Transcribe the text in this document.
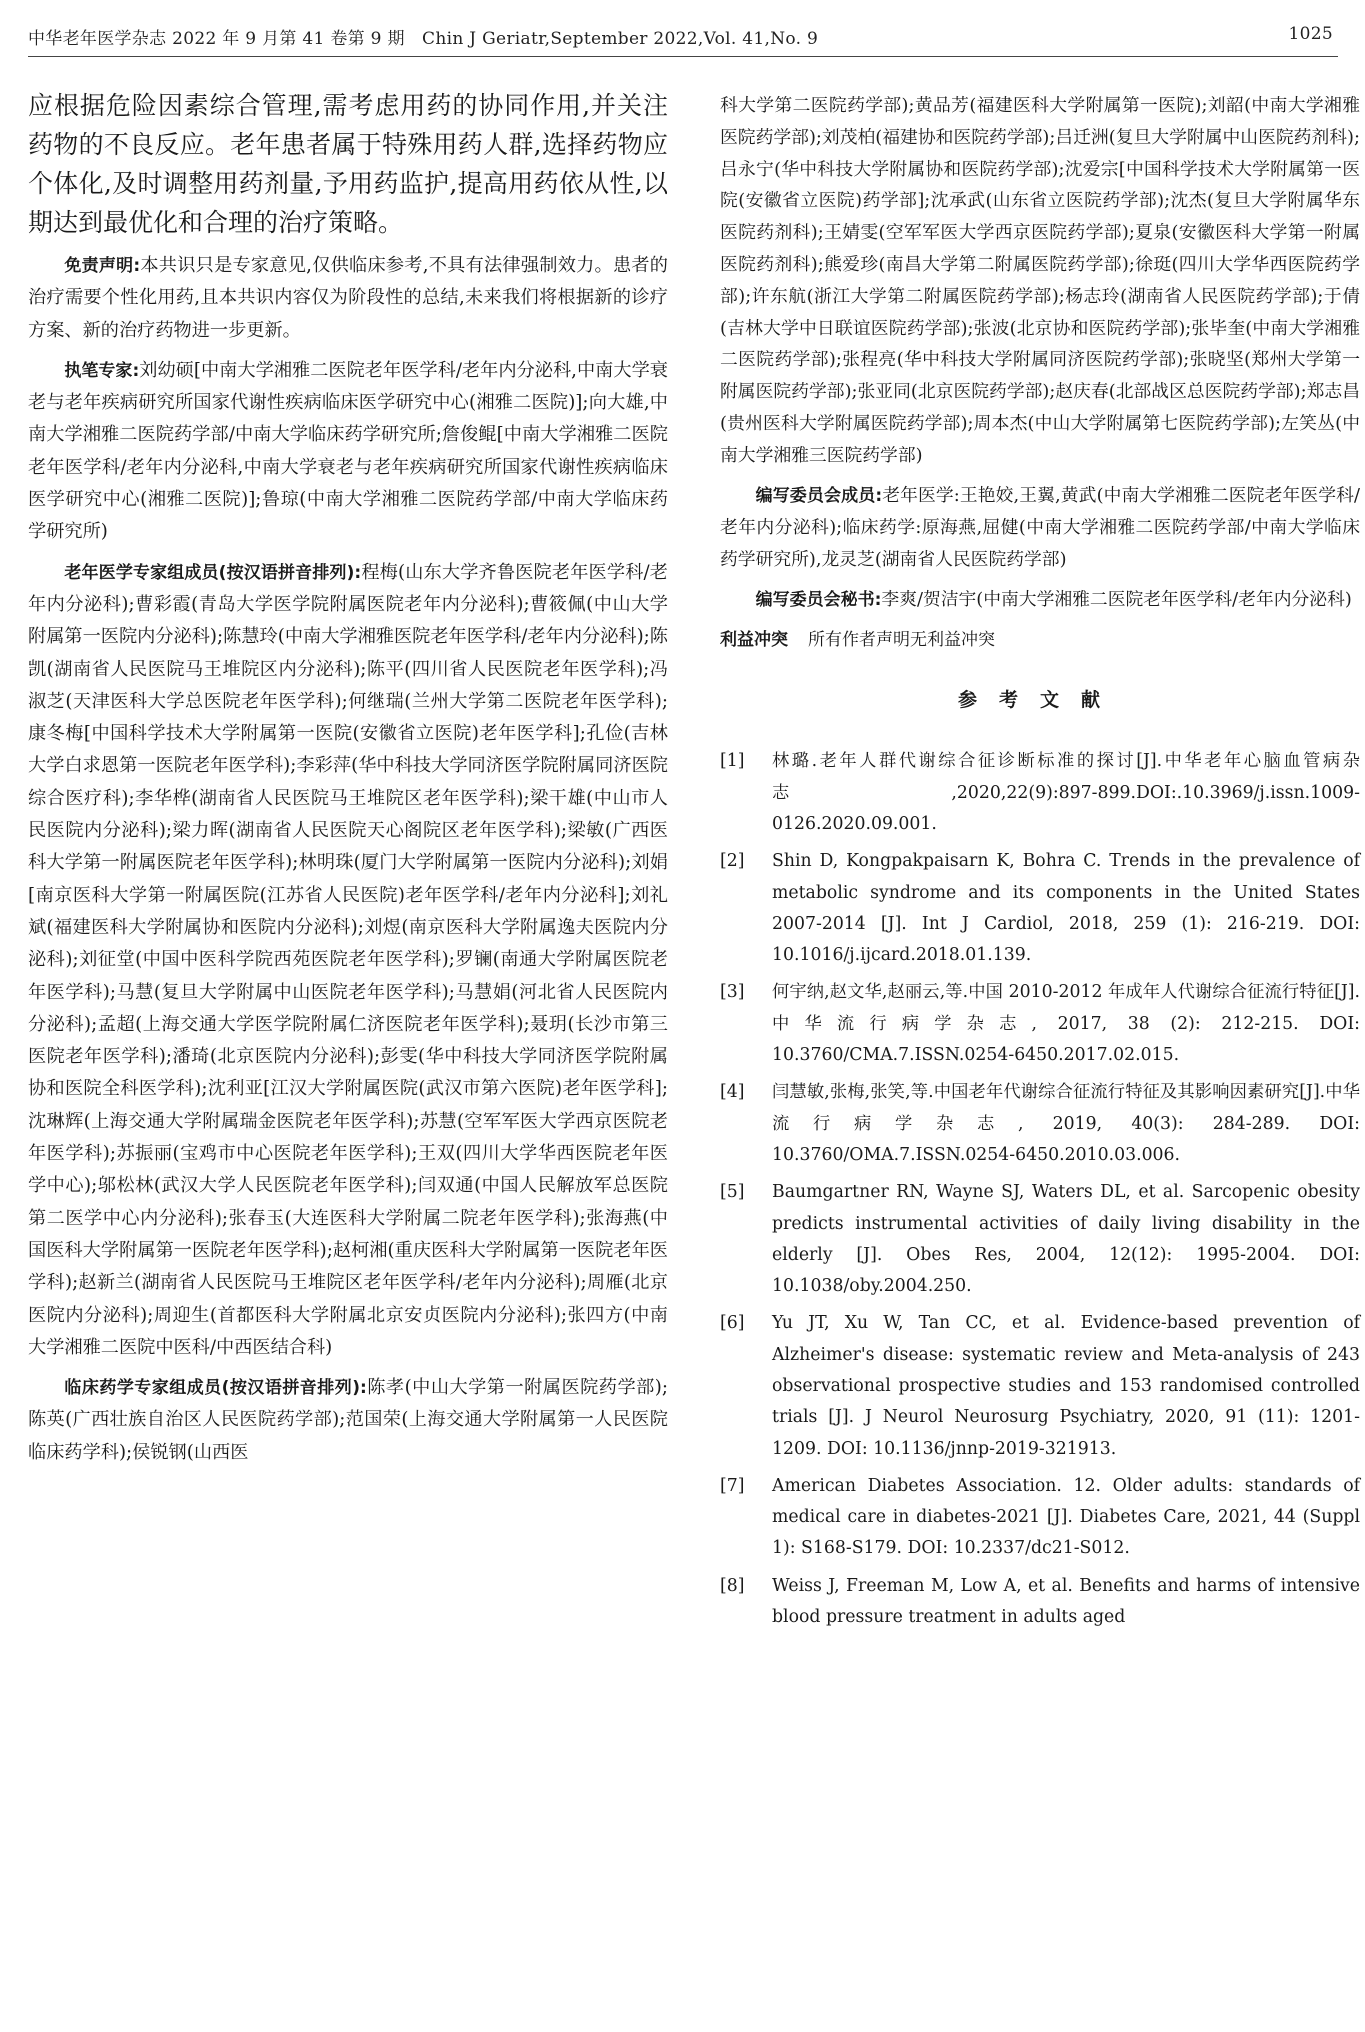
中华老年医学杂志 2022 年 9 月第 41 卷第 9 期　Chin J Geriatr,September 2022,Vol. 41,No. 9	1025

应根据危险因素综合管理,需考虑用药的协同作用,并关注药物的不良反应。老年患者属于特殊用药人群,选择药物应个体化,及时调整用药剂量,予用药监护,提高用药依从性,以期达到最优化和合理的治疗策略。

免责声明:本共识只是专家意见,仅供临床参考,不具有法律强制效力。患者的治疗需要个性化用药,且本共识内容仅为阶段性的总结,未来我们将根据新的诊疗方案、新的治疗药物进一步更新。

执笔专家:刘幼硕[中南大学湘雅二医院老年医学科/老年内分泌科,中南大学衰老与老年疾病研究所国家代谢性疾病临床医学研究中心(湘雅二医院)];向大雄,中南大学湘雅二医院药学部/中南大学临床药学研究所;詹俊鲲[中南大学湘雅二医院老年医学科/老年内分泌科,中南大学衰老与老年疾病研究所国家代谢性疾病临床医学研究中心(湘雅二医院)];鲁琼(中南大学湘雅二医院药学部/中南大学临床药学研究所)

老年医学专家组成员(按汉语拼音排列):程梅(山东大学齐鲁医院老年医学科/老年内分泌科);曹彩霞(青岛大学医学院附属医院老年内分泌科);曹筱佩(中山大学附属第一医院内分泌科);陈慧玲(中南大学湘雅医院老年医学科/老年内分泌科);陈凯(湖南省人民医院马王堆院区内分泌科);陈平(四川省人民医院老年医学科);冯淑芝(天津医科大学总医院老年医学科);何继瑞(兰州大学第二医院老年医学科);康冬梅[中国科学技术大学附属第一医院(安徽省立医院)老年医学科];孔俭(吉林大学白求恩第一医院老年医学科);李彩萍(华中科技大学同济医学院附属同济医院综合医疗科);李华桦(湖南省人民医院马王堆院区老年医学科);梁干雄(中山市人民医院内分泌科);梁力晖(湖南省人民医院天心阁院区老年医学科);梁敏(广西医科大学第一附属医院老年医学科);林明珠(厦门大学附属第一医院内分泌科);刘娟[南京医科大学第一附属医院(江苏省人民医院)老年医学科/老年内分泌科];刘礼斌(福建医科大学附属协和医院内分泌科);刘煜(南京医科大学附属逸夫医院内分泌科);刘征堂(中国中医科学院西苑医院老年医学科);罗镧(南通大学附属医院老年医学科);马慧(复旦大学附属中山医院老年医学科);马慧娟(河北省人民医院内分泌科);孟超(上海交通大学医学院附属仁济医院老年医学科);聂玥(长沙市第三医院老年医学科);潘琦(北京医院内分泌科);彭雯(华中科技大学同济医学院附属协和医院全科医学科);沈利亚[江汉大学附属医院(武汉市第六医院)老年医学科];沈琳辉(上海交通大学附属瑞金医院老年医学科);苏慧(空军军医大学西京医院老年医学科);苏振丽(宝鸡市中心医院老年医学科);王双(四川大学华西医院老年医学中心);邬松林(武汉大学人民医院老年医学科);闫双通(中国人民解放军总医院第二医学中心内分泌科);张春玉(大连医科大学附属二院老年医学科);张海燕(中国医科大学附属第一医院老年医学科);赵柯湘(重庆医科大学附属第一医院老年医学科);赵新兰(湖南省人民医院马王堆院区老年医学科/老年内分泌科);周雁(北京医院内分泌科);周迎生(首都医科大学附属北京安贞医院内分泌科);张四方(中南大学湘雅二医院中医科/中西医结合科)

临床药学专家组成员(按汉语拼音排列):陈孝(中山大学第一附属医院药学部);陈英(广西壮族自治区人民医院药学部);范国荣(上海交通大学附属第一人民医院临床药学科);侯锐钢(山西医

科大学第二医院药学部);黄品芳(福建医科大学附属第一医院);刘韶(中南大学湘雅医院药学部);刘茂柏(福建协和医院药学部);吕迁洲(复旦大学附属中山医院药剂科);吕永宁(华中科技大学附属协和医院药学部);沈爱宗[中国科学技术大学附属第一医院(安徽省立医院)药学部];沈承武(山东省立医院药学部);沈杰(复旦大学附属华东医院药剂科);王婧雯(空军军医大学西京医院药学部);夏泉(安徽医科大学第一附属医院药剂科);熊爱珍(南昌大学第二附属医院药学部);徐珽(四川大学华西医院药学部);许东航(浙江大学第二附属医院药学部);杨志玲(湖南省人民医院药学部);于倩(吉林大学中日联谊医院药学部);张波(北京协和医院药学部);张毕奎(中南大学湘雅二医院药学部);张程亮(华中科技大学附属同济医院药学部);张晓坚(郑州大学第一附属医院药学部);张亚同(北京医院药学部);赵庆春(北部战区总医院药学部);郑志昌(贵州医科大学附属医院药学部);周本杰(中山大学附属第七医院药学部);左笑丛(中南大学湘雅三医院药学部)

编写委员会成员:老年医学:王艳姣,王翼,黄武(中南大学湘雅二医院老年医学科/老年内分泌科);临床药学:原海燕,屈健(中南大学湘雅二医院药学部/中南大学临床药学研究所),龙灵芝(湖南省人民医院药学部)

编写委员会秘书:李爽/贺洁宇(中南大学湘雅二医院老年医学科/老年内分泌科)

利益冲突 所有作者声明无利益冲突

参考文献
[1] 林璐.老年人群代谢综合征诊断标准的探讨[J].中华老年心脑血管病杂志,2020,22(9):897-899.DOI:.10.3969/j.issn.1009-0126.2020.09.001.
[2] Shin D, Kongpakpaisarn K, Bohra C. Trends in the prevalence of metabolic syndrome and its components in the United States 2007-2014 [J]. Int J Cardiol, 2018, 259 (1): 216-219. DOI: 10.1016/j.ijcard.2018.01.139.
[3] 何宇纳,赵文华,赵丽云,等.中国 2010-2012 年成年人代谢综合征流行特征[J].中华流行病学杂志, 2017, 38 (2): 212-215. DOI: 10.3760/CMA.7.ISSN.0254-6450.2017.02.015.
[4] 闫慧敏,张梅,张笑,等.中国老年代谢综合征流行特征及其影响因素研究[J].中华流行病学杂志, 2019, 40(3): 284-289. DOI: 10.3760/OMA.7.ISSN.0254-6450.2010.03.006.
[5] Baumgartner RN, Wayne SJ, Waters DL, et al. Sarcopenic obesity predicts instrumental activities of daily living disability in the elderly [J]. Obes Res, 2004, 12(12): 1995-2004. DOI: 10.1038/oby.2004.250.
[6] Yu JT, Xu W, Tan CC, et al. Evidence-based prevention of Alzheimer's disease: systematic review and Meta-analysis of 243 observational prospective studies and 153 randomised controlled trials [J]. J Neurol Neurosurg Psychiatry, 2020, 91 (11): 1201-1209. DOI: 10.1136/jnnp-2019-321913.
[7] American Diabetes Association. 12. Older adults: standards of medical care in diabetes-2021 [J]. Diabetes Care, 2021, 44 (Suppl 1): S168-S179. DOI: 10.2337/dc21-S012.
[8] Weiss J, Freeman M, Low A, et al. Benefits and harms of intensive blood pressure treatment in adults aged
